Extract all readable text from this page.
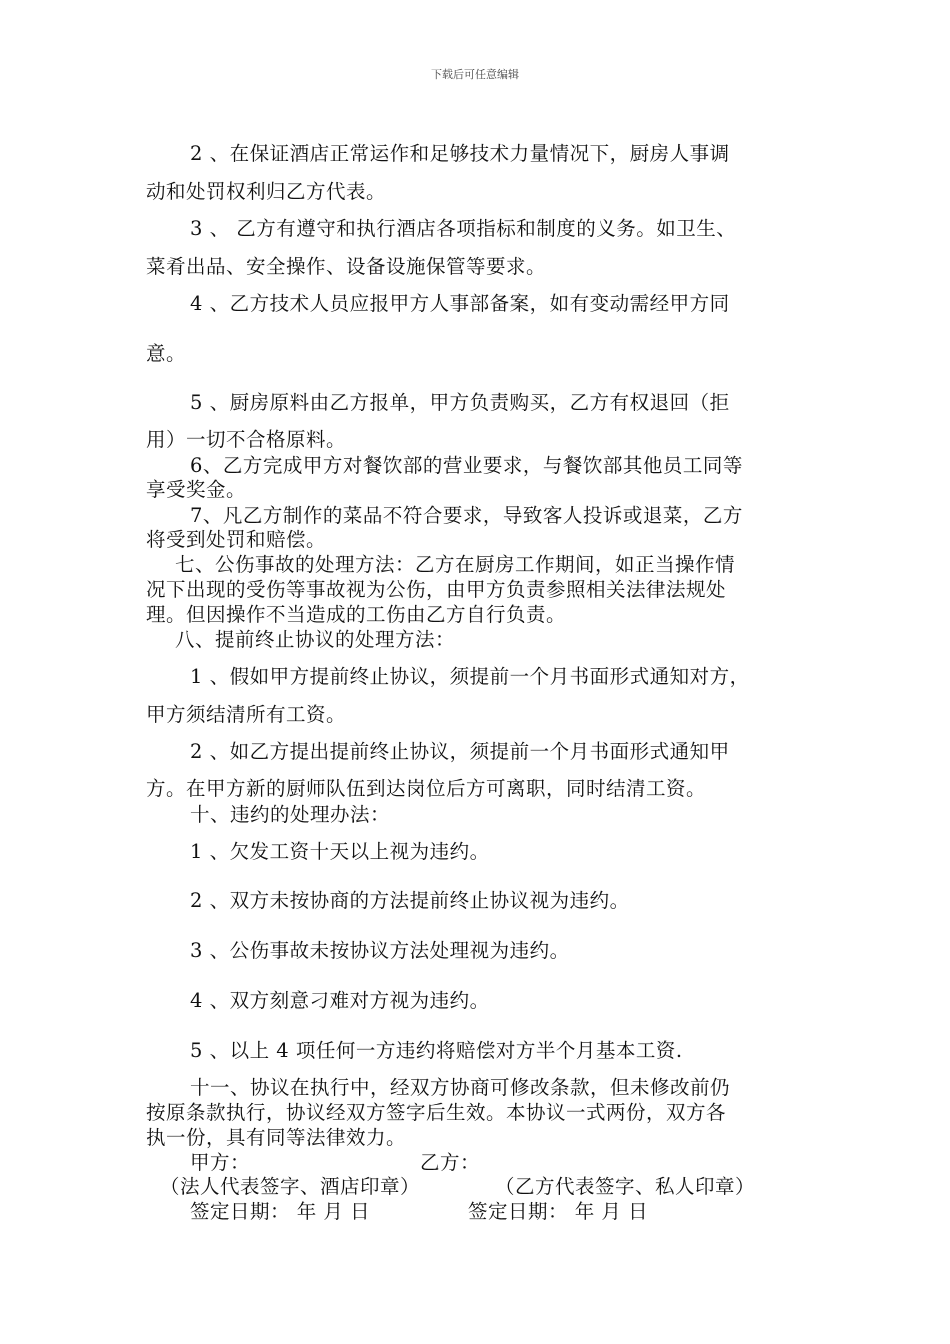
下载后可任意编辑
2 、在保证酒店正常运作和足够技术力量情况下，厨房人事调
动和处罚权利归乙方代表。
3 、 乙方有遵守和执行酒店各项指标和制度的义务。如卫生、
菜肴出品、安全操作、设备设施保管等要求。
4 、乙方技术人员应报甲方人事部备案，如有变动需经甲方同
意。
5 、厨房原料由乙方报单，甲方负责购买，乙方有权退回（拒
用）一切不合格原料。
6、乙方完成甲方对餐饮部的营业要求，与餐饮部其他员工同等
享受奖金。
7、凡乙方制作的菜品不符合要求，导致客人投诉或退菜，乙方
将受到处罚和赔偿。
七、公伤事故的处理方法：乙方在厨房工作期间，如正当操作情
况下出现的受伤等事故视为公伤，由甲方负责参照相关法律法规处
理。但因操作不当造成的工伤由乙方自行负责。
八、提前终止协议的处理方法：
1 、假如甲方提前终止协议，须提前一个月书面形式通知对方，
甲方须结清所有工资。
2 、如乙方提出提前终止协议，须提前一个月书面形式通知甲
方。在甲方新的厨师队伍到达岗位后方可离职，同时结清工资。
十、违约的处理办法：
1 、欠发工资十天以上视为违约。
2 、双方未按协商的方法提前终止协议视为违约。
3 、公伤事故未按协议方法处理视为违约。
4 、双方刻意刁难对方视为违约。
5 、以上 4 项任何一方违约将赔偿对方半个月基本工资.
十一、协议在执行中，经双方协商可修改条款，但未修改前仍
按原条款执行，协议经双方签字后生效。本协议一式两份，双方各
执一份，具有同等法律效力。
甲方：	乙方：
（法人代表签字、酒店印章）	（乙方代表签字、私人印章）
签定日期： 年 月 日	签定日期： 年 月 日
